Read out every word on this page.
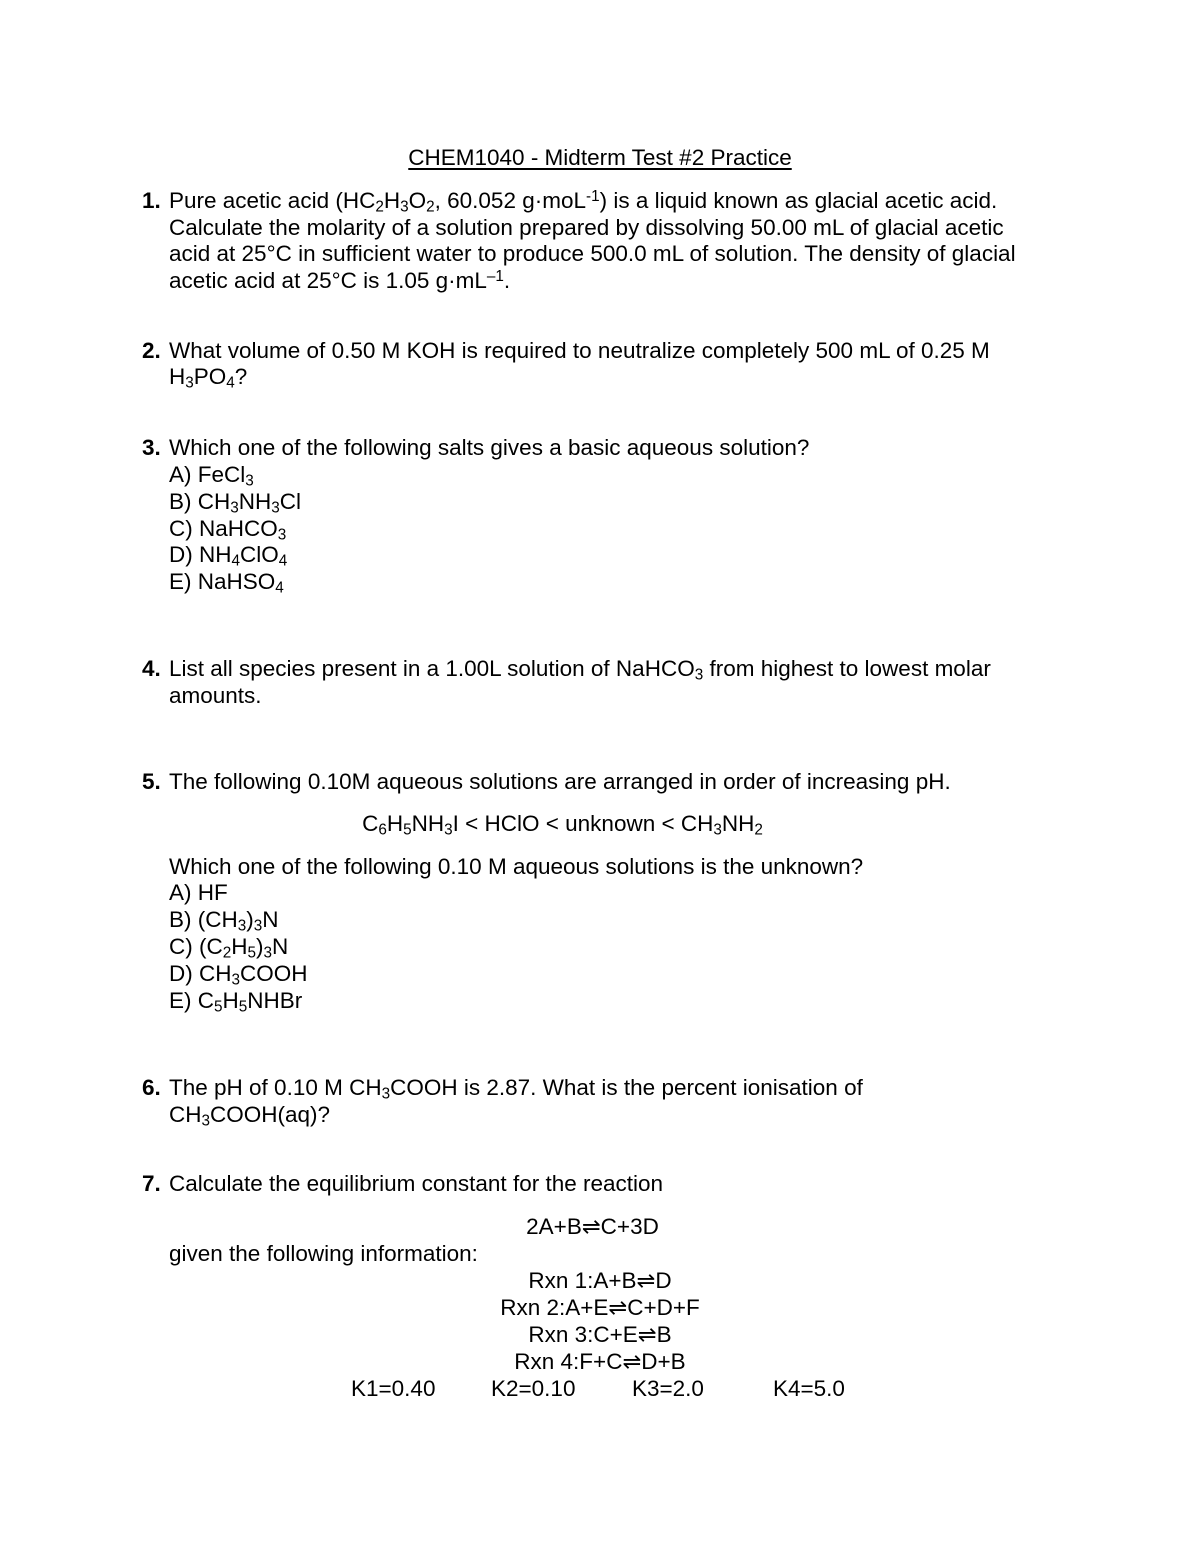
CHEM1040 - Midterm Test #2 Practice
1. Pure acetic acid ($HC_2H_3O_2$, 60.052 g·moL$^{-1}$) is a liquid known as glacial acetic acid.
Calculate the molarity of a solution prepared by dissolving 50.00 mL of glacial acetic
acid at 25°C in sufficient water to produce 500.0 mL of solution. The density of glacial
acetic acid at 25°C is 1.05 $g\cdot mL^{-1}$.
2. What volume of 0.50 M KOH is required to neutralize completely 500 mL of 0.25 M
$H_3PO_4$?
3. Which one of the following salts gives a basic aqueous solution?
A) FeCl$_3$
B) $CH_3NH_3Cl$
C) NaHCO$_3$
D) $NH_4ClO_4$
E) NaHSO$_4$
4. List all species present in a 1.00L solution of NaHCO$_3$ from highest to lowest molar
amounts.
5. The following 0.10M aqueous solutions are arranged in order of increasing pH.
$C_6H_5NH_3I$ < HClO < unknown < $CH_3NH_2$
Which one of the following 0.10 M aqueous solutions is the unknown?
A) HF
B) $(CH_3)_3N$
C) $(C_2H_5)_3N$
D) $CH_3COOH$
E) $C_5H_5NHBr$
6. The pH of 0.10 M $CH_3COOH$ is 2.87. What is the percent ionisation of
$CH_3COOH(aq)$?
7. Calculate the equilibrium constant for the reaction
2A+B⇌C+3D
given the following information:
Rxn 1:A+B⇌D
Rxn 2:A+E⇌C+D+F
Rxn 3:C+E⇌B
Rxn 4:F+C⇌D+B
K1=0.40 K2=0.10	K3=2.0	K4=5.0
